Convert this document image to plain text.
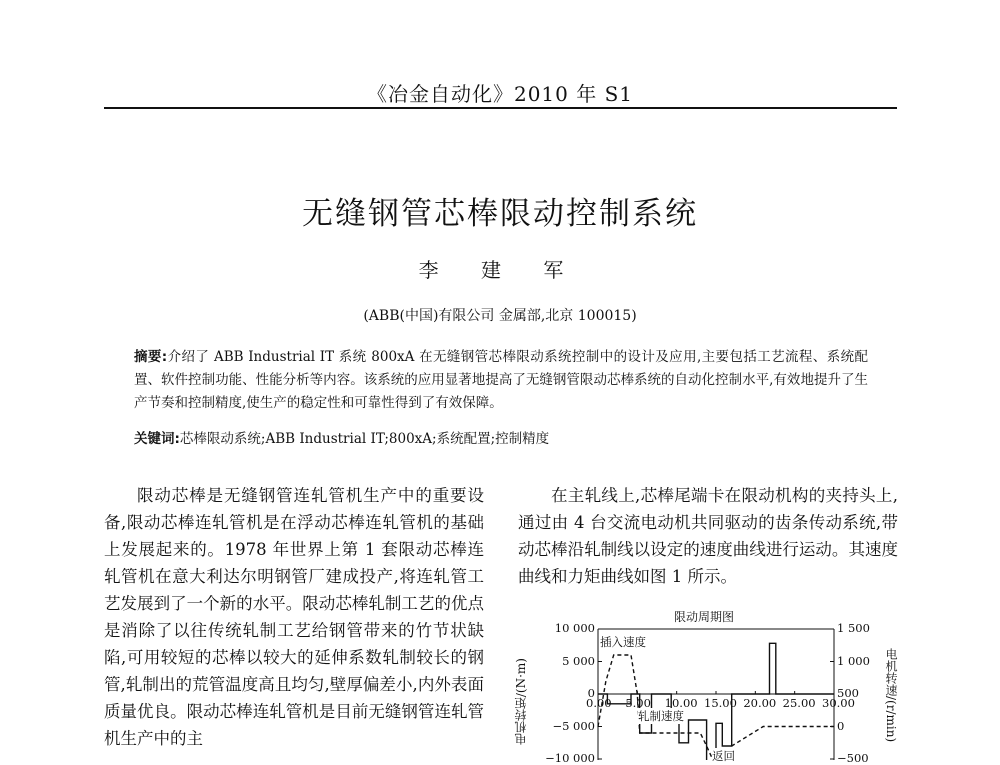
《冶金自动化》2010 年 S1
无缝钢管芯棒限动控制系统
李 建 军
(ABB(中国)有限公司 金属部,北京 100015)
摘要:介绍了 ABB Industrial IT 系统 800xA 在无缝钢管芯棒限动系统控制中的设计及应用,主要包括工艺流程、系统配置、软件控制功能、性能分析等内容。该系统的应用显著地提高了无缝钢管限动芯棒系统的自动化控制水平,有效地提升了生产节奏和控制精度,使生产的稳定性和可靠性得到了有效保障。
关键词:芯棒限动系统;ABB Industrial IT;800xA;系统配置;控制精度

限动芯棒是无缝钢管连轧管机生产中的重要设备,限动芯棒连轧管机是在浮动芯棒连轧管机的基础上发展起来的。1978 年世界上第 1 套限动芯棒连轧管机在意大利达尔明钢管厂建成投产,将连轧管工艺发展到了一个新的水平。限动芯棒轧制工艺的优点是消除了以往传统轧制工艺给钢管带来的竹节状缺陷,可用较短的芯棒以较大的延伸系数轧制较长的钢管,轧制出的荒管温度高且均匀,壁厚偏差小,内外表面质量优良。限动芯棒连轧管机是目前无缝钢管连轧管机生产中的主

在主轧线上,芯棒尾端卡在限动机构的夹持头上,通过由 4 台交流电动机共同驱动的齿条传动系统,带动芯棒沿轧制线以设定的速度曲线进行运动。其速度曲线和力矩曲线如图 1 所示。

限动周期图
电机转矩/(N·m)	电机转速/(r/min)
插入速度
轧制速度
返回
10 000
5 000
0
−5 000
−10 000
1 500
1 000
500
0
−500
0.00 5.00 10.00 15.00 20.00 25.00 30.00
